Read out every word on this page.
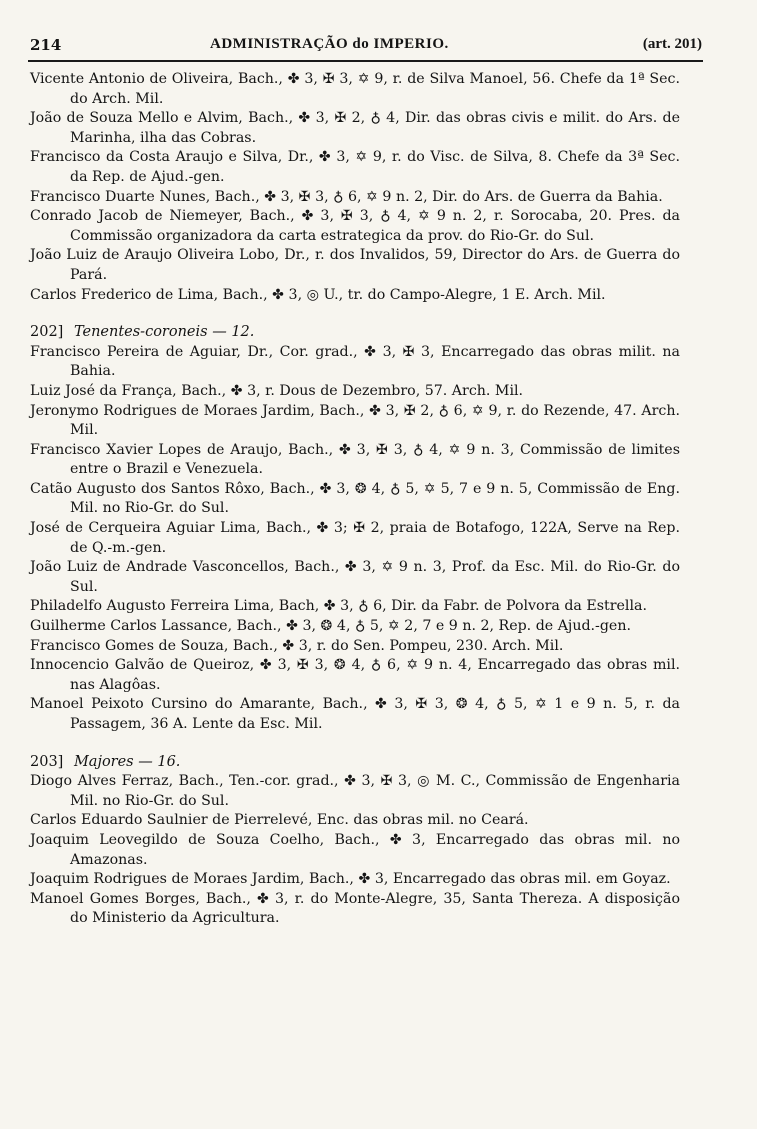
214	ADMINISTRAÇÃO do IMPERIO.	(art. 201)
Vicente Antonio de Oliveira, Bach., ✤ 3, ✠ 3, ✡ 9, r. de Silva Manoel, 56. Chefe da 1ª Sec. do Arch. Mil.
João de Souza Mello e Alvim, Bach., ✤ 3, ✠ 2, ♁ 4, Dir. das obras civis e milit. do Ars. de Marinha, ilha das Cobras.
Francisco da Costa Araujo e Silva, Dr., ✤ 3, ✡ 9, r. do Visc. de Silva, 8. Chefe da 3ª Sec. da Rep. de Ajud.-gen.
Francisco Duarte Nunes, Bach., ✤ 3, ✠ 3, ♁ 6, ✡ 9 n. 2, Dir. do Ars. de Guerra da Bahia.
Conrado Jacob de Niemeyer, Bach., ✤ 3, ✠ 3, ♁ 4, ✡ 9 n. 2, r. Sorocaba, 20. Pres. da Commissão organizadora da carta estrategica da prov. do Rio-Gr. do Sul.
João Luiz de Araujo Oliveira Lobo, Dr., r. dos Invalidos, 59, Director do Ars. de Guerra do Pará.
Carlos Frederico de Lima, Bach., ✤ 3, ◎ U., tr. do Campo-Alegre, 1 E. Arch. Mil.
202] Tenentes-coroneis — 12.
Francisco Pereira de Aguiar, Dr., Cor. grad., ✤ 3, ✠ 3, Encarregado das obras milit. na Bahia.
Luiz José da França, Bach., ✤ 3, r. Dous de Dezembro, 57. Arch. Mil.
Jeronymo Rodrigues de Moraes Jardim, Bach., ✤ 3, ✠ 2, ♁ 6, ✡ 9, r. do Rezende, 47. Arch. Mil.
Francisco Xavier Lopes de Araujo, Bach., ✤ 3, ✠ 3, ♁ 4, ✡ 9 n. 3, Commissão de limites entre o Brazil e Venezuela.
Catão Augusto dos Santos Rôxo, Bach., ✤ 3, ❂ 4, ♁ 5, ✡ 5, 7 e 9 n. 5, Commissão de Eng. Mil. no Rio-Gr. do Sul.
José de Cerqueira Aguiar Lima, Bach., ✤ 3; ✠ 2, praia de Botafogo, 122A, Serve na Rep. de Q.-m.-gen.
João Luiz de Andrade Vasconcellos, Bach., ✤ 3, ✡ 9 n. 3, Prof. da Esc. Mil. do Rio-Gr. do Sul.
Philadelfo Augusto Ferreira Lima, Bach, ✤ 3, ♁ 6, Dir. da Fabr. de Polvora da Estrella.
Guilherme Carlos Lassance, Bach., ✤ 3, ❂ 4, ♁ 5, ✡ 2, 7 e 9 n. 2, Rep. de Ajud.-gen.
Francisco Gomes de Souza, Bach., ✤ 3, r. do Sen. Pompeu, 230. Arch. Mil.
Innocencio Galvão de Queiroz, ✤ 3, ✠ 3, ❂ 4, ♁ 6, ✡ 9 n. 4, Encarregado das obras mil. nas Alagôas.
Manoel Peixoto Cursino do Amarante, Bach., ✤ 3, ✠ 3, ❂ 4, ♁ 5, ✡ 1 e 9 n. 5, r. da Passagem, 36 A. Lente da Esc. Mil.
203] Majores — 16.
Diogo Alves Ferraz, Bach., Ten.-cor. grad., ✤ 3, ✠ 3, ◎ M. C., Commissão de Engenharia Mil. no Rio-Gr. do Sul.
Carlos Eduardo Saulnier de Pierrelevé, Enc. das obras mil. no Ceará.
Joaquim Leovegildo de Souza Coelho, Bach., ✤ 3, Encarregado das obras mil. no Amazonas.
Joaquim Rodrigues de Moraes Jardim, Bach., ✤ 3, Encarregado das obras mil. em Goyaz.
Manoel Gomes Borges, Bach., ✤ 3, r. do Monte-Alegre, 35, Santa Thereza. A disposição do Ministerio da Agricultura.
